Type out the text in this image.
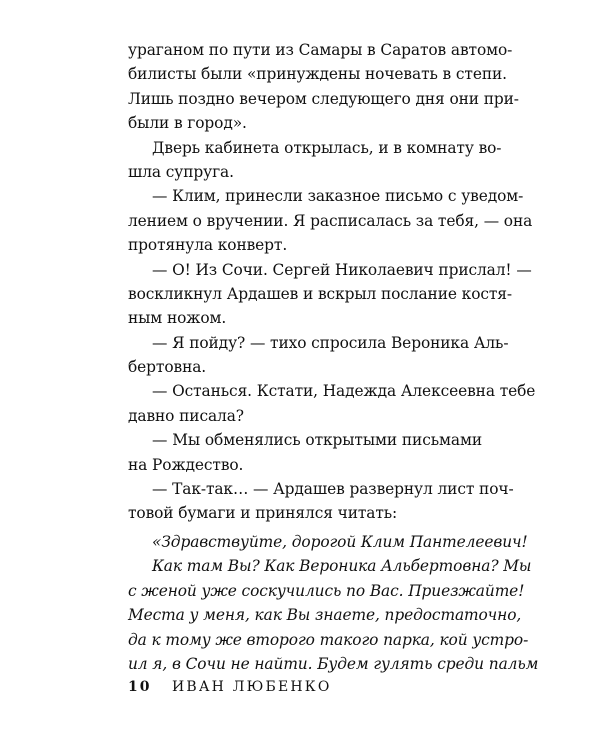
ураганом по пути из Самары в Саратов автомо-
билисты были «принуждены ночевать в степи.
Лишь поздно вечером следующего дня они при-
были в город».
Дверь кабинета открылась, и в комнату во-
шла супруга.
— Клим, принесли заказное письмо с уведом-
лением о вручении. Я расписалась за тебя, — она
протянула конверт.
— О! Из Сочи. Сергей Николаевич прислал! —
воскликнул Ардашев и вскрыл послание костя-
ным ножом.
— Я пойду? — тихо спросила Вероника Аль-
бертовна.
— Останься. Кстати, Надежда Алексеевна тебе
давно писала?
— Мы обменялись открытыми письмами
на Рождество.
— Так-так… — Ардашев развернул лист поч-
товой бумаги и принялся читать:
«Здравствуйте, дорогой Клим Пантелеевич!
Как там Вы? Как Вероника Альбертовна? Мы
с женой уже соскучились по Вас. Приезжайте!
Места у меня, как Вы знаете, предостаточно,
да к тому же второго такого парка, кой устро-
ил я, в Сочи не найти. Будем гулять среди пальм
10 ИВАН ЛЮБЕНКО
